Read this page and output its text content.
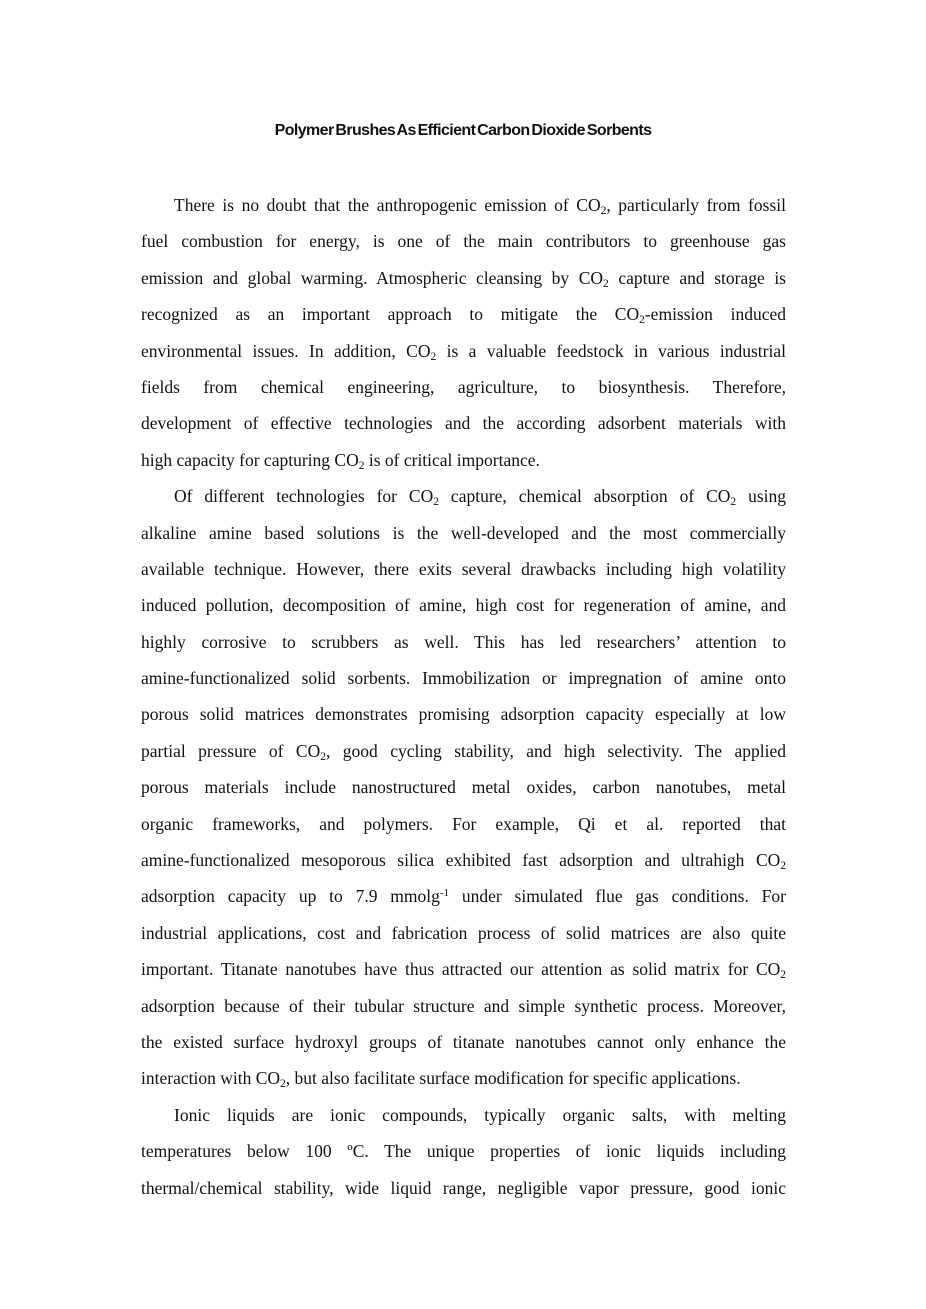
Polymer Brushes As Efficient Carbon Dioxide Sorbents
There is no doubt that the anthropogenic emission of $CO_2$, particularly from fossil
fuel combustion for energy, is one of the main contributors to greenhouse gas
emission and global warming. Atmospheric cleansing by $CO_2$ capture and storage is
recognized as an important approach to mitigate the $CO_2$-emission induced
environmental issues. In addition, $CO_2$ is a valuable feedstock in various industrial
fields from chemical engineering, agriculture, to biosynthesis. Therefore,
development of effective technologies and the according adsorbent materials with
high capacity for capturing $CO_2$ is of critical importance.
Of different technologies for $CO_2$ capture, chemical absorption of $CO_2$ using
alkaline amine based solutions is the well-developed and the most commercially
available technique. However, there exits several drawbacks including high volatility
induced pollution, decomposition of amine, high cost for regeneration of amine, and
highly corrosive to scrubbers as well. This has led researchers’ attention to
amine-functionalized solid sorbents. Immobilization or impregnation of amine onto
porous solid matrices demonstrates promising adsorption capacity especially at low
partial pressure of $CO_2$, good cycling stability, and high selectivity. The applied
porous materials include nanostructured metal oxides, carbon nanotubes, metal
organic frameworks, and polymers. For example, Qi et al. reported that
amine-functionalized mesoporous silica exhibited fast adsorption and ultrahigh $CO_2$
adsorption capacity up to 7.9 mmolg$^{-1}$ under simulated flue gas conditions. For
industrial applications, cost and fabrication process of solid matrices are also quite
important. Titanate nanotubes have thus attracted our attention as solid matrix for $CO_2$
adsorption because of their tubular structure and simple synthetic process. Moreover,
the existed surface hydroxyl groups of titanate nanotubes cannot only enhance the
interaction with $CO_2$, but also facilitate surface modification for specific applications.
Ionic liquids are ionic compounds, typically organic salts, with melting
temperatures below 100 ºC. The unique properties of ionic liquids including
thermal/chemical stability, wide liquid range, negligible vapor pressure, good ionic
